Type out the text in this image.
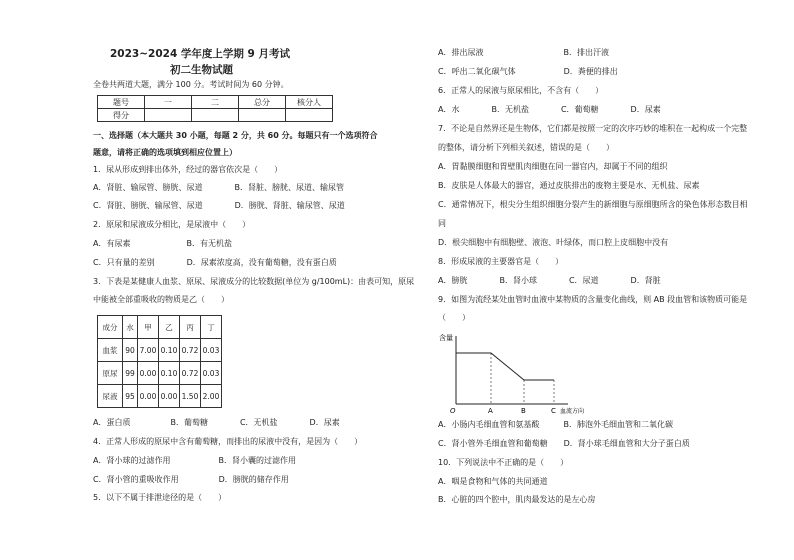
2023~2024 学年度上学期 9 月考试
初二生物试题
全卷共两道大题，满分 100 分。考试时间为 60 分钟。
题号	一	二	总分	核分人
得分				
一、选择题（本大题共 30 小题，每题 2 分，共 60 分。每题只有一个选项符合
题意，请将正确的选项填到相应位置上）
1．尿从形成到排出体外，经过的器官依次是（　　）
A．肾脏、输尿管、膀胱、尿道　　　　B．肾脏、膀胱、尿道、输尿管
C．肾脏、膀胱、输尿管、尿道　　　　D．膀胱、肾脏、输尿管、尿道
2．原尿和尿液成分相比，是尿液中（　　）
A．有尿素　　　　　　　B．有无机盐
C．只有量的差别　　　　D．尿素浓度高，没有葡萄糖，没有蛋白质
3．下表是某健康人血浆、原尿、尿液成分的比较数据(单位为 g/100mL)：由表可知，原尿
中能被全部重吸收的物质是乙（　　）
成分	水	甲	乙	丙	丁
血浆	90	7.00	0.10	0.72	0.03
原尿	99	0.00	0.10	0.72	0.03
尿液	95	0.00	0.00	1.50	2.00
A．蛋白质　　　　　B．葡萄糖　　　　C．无机盐　　　　D．尿素
4．正常人形成的原尿中含有葡萄糖，而排出的尿液中没有，是因为（　　）
A．肾小球的过滤作用　　　　　　B．肾小囊的过滤作用
C．肾小管的重吸收作用　　　　　D．膀胱的储存作用
5．以下不属于排泄途径的是（　　）
A．排出尿液　　　　　　　　　　B．排出汗液
C．呼出二氧化碳气体　　　　　　D．粪便的排出
6．正常人的尿液与原尿相比，不含有（　　）
A．水　　　　B．无机盐　　　　C．葡萄糖　　　　D．尿素
7．不论是自然界还是生物体，它们都是按照一定的次序巧妙的堆积在一起构成一个完整
的整体，请分析下列相关叙述，错误的是（　　）
A．胃黏膜细胞和胃壁肌肉细胞在同一器官内，却属于不同的组织
B．皮肤是人体最大的器官，通过皮肤排出的废物主要是水、无机盐、尿素
C．通常情况下，根尖分生组织细胞分裂产生的新细胞与原细胞所含的染色体形态数目相
同
D．根尖细胞中有细胞壁、液泡、叶绿体，而口腔上皮细胞中没有
8．形成尿液的主要器官是（　　）
A．膀胱　　　　B．肾小球　　　　C．尿道　　　　D．肾脏
9．如图为流经某处血管时血液中某物质的含量变化曲线，则 AB 段血管和该物质可能是
（　　）
含量
O	A	B	C 血流方向
A．小肠内毛细血管和氨基酸　　　B．肺泡外毛细血管和二氧化碳
C．肾小管外毛细血管和葡萄糖　　D．肾小球毛细血管和大分子蛋白质
10．下列说法中不正确的是（　　）
A．咽是食物和气体的共同通道
B．心脏的四个腔中，肌肉最发达的是左心房
